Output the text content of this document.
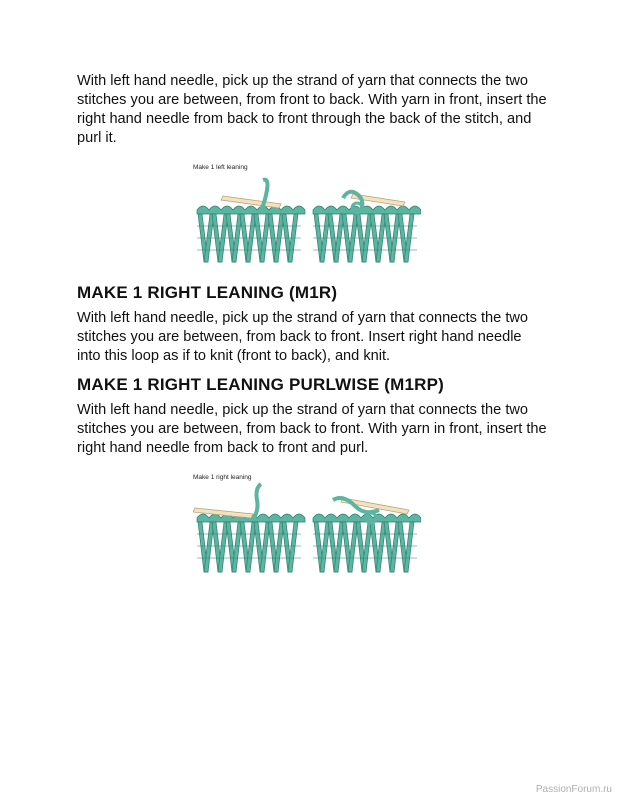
With left hand needle, pick up the strand of yarn that connects the two stitches you are between, from front to back. With yarn in front, insert the right hand needle from back to front through the back of the stitch, and purl it.

Make 1 left leaning
MAKE 1 RIGHT LEANING (M1R)

With left hand needle, pick up the strand of yarn that connects the two stitches you are between, from back to front. Insert right hand needle into this loop as if to knit (front to back), and knit.

MAKE 1 RIGHT LEANING PURLWISE (M1RP)

With left hand needle, pick up the strand of yarn that connects the two stitches you are between, from back to front. With yarn in front, insert the right hand needle from back to front and purl.

Make 1 right leaning
PassionForum.ru
